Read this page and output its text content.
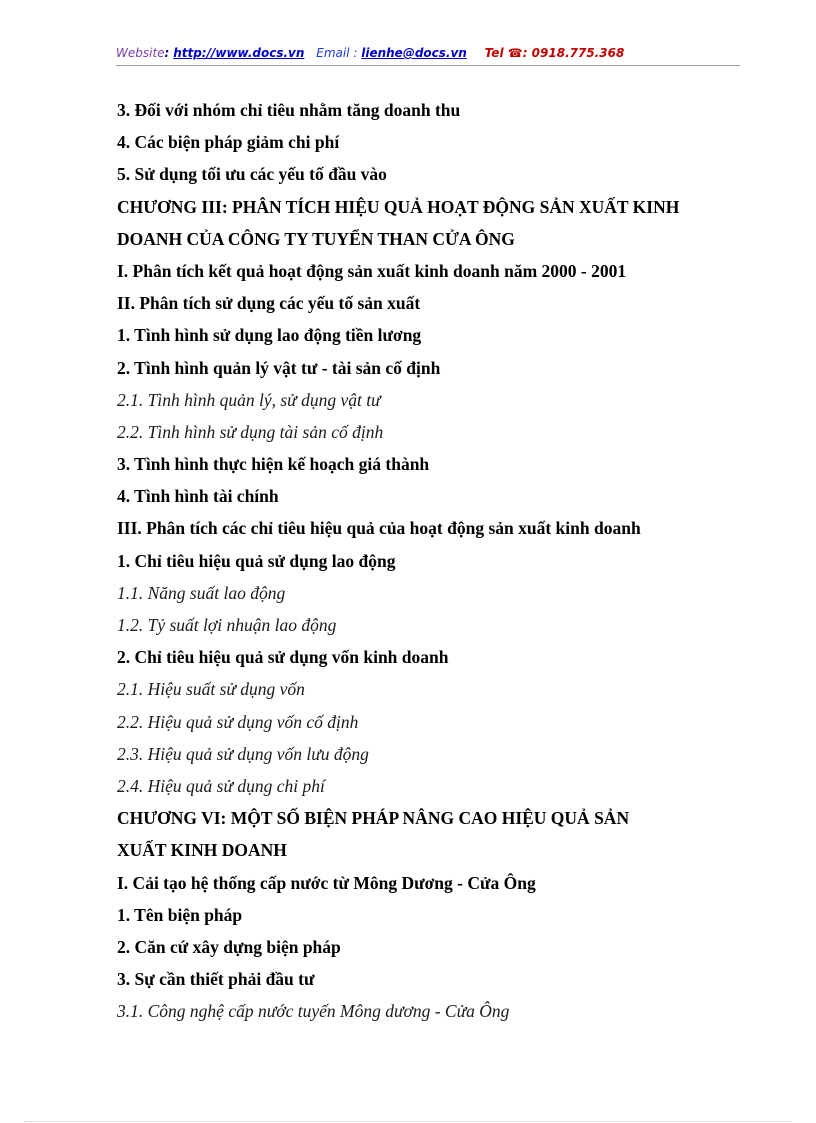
Website: http://www.docs.vn Email : lienhe@docs.vn Tel ☎: 0918.775.368
3. Đối với nhóm chỉ tiêu nhằm tăng doanh thu
4. Các biện pháp giảm chi phí
5. Sử dụng tối ưu các yếu tố đầu vào
CHƯƠNG III: PHÂN TÍCH HIỆU QUẢ HOẠT ĐỘNG SẢN XUẤT KINH
DOANH CỦA CÔNG TY TUYỂN THAN CỬA ÔNG
I. Phân tích kết quả hoạt động sản xuất kinh doanh năm 2000 - 2001
II. Phân tích sử dụng các yếu tố sản xuất
1. Tình hình sử dụng lao động tiền lương
2. Tình hình quản lý vật tư - tài sản cố định
2.1. Tình hình quản lý, sử dụng vật tư
2.2. Tình hình sử dụng tài sản cố định
3. Tình hình thực hiện kế hoạch giá thành
4. Tình hình tài chính
III. Phân tích các chỉ tiêu hiệu quả của hoạt động sản xuất kinh doanh
1. Chỉ tiêu hiệu quả sử dụng lao động
1.1. Năng suất lao động
1.2. Tỷ suất lợi nhuận lao động
2. Chỉ tiêu hiệu quả sử dụng vốn kinh doanh
2.1. Hiệu suất sử dụng vốn
2.2. Hiệu quả sử dụng vốn cố định
2.3. Hiệu quả sử dụng vốn lưu động
2.4. Hiệu quả sử dụng chi phí
CHƯƠNG VI: MỘT SỐ BIỆN PHÁP NÂNG CAO HIỆU QUẢ SẢN
XUẤT KINH DOANH
I. Cải tạo hệ thống cấp nước từ Mông Dương - Cửa Ông
1. Tên biện pháp
2. Căn cứ xây dựng biện pháp
3. Sự cần thiết phải đầu tư
3.1. Công nghệ cấp nước tuyến Mông dương - Cửa Ông
